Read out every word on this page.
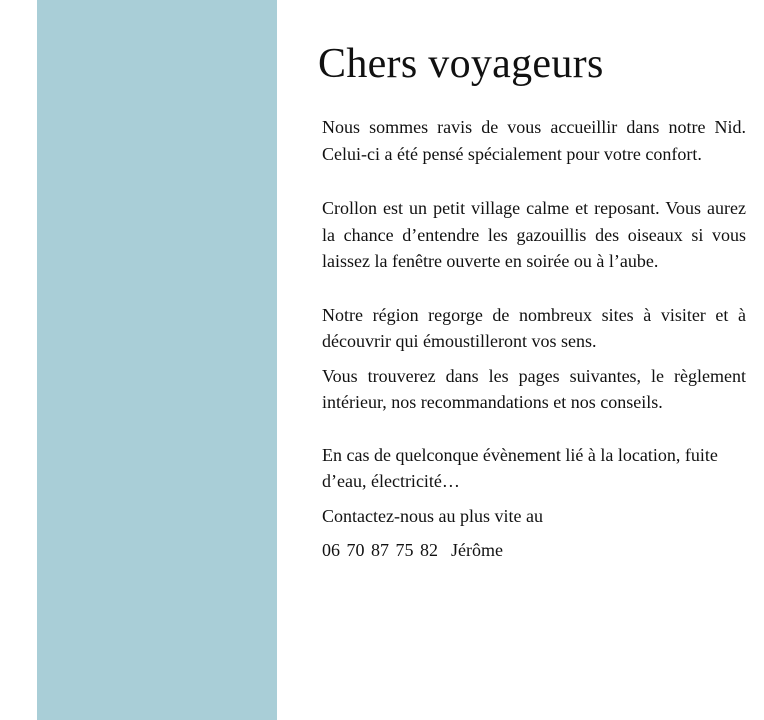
Chers voyageurs

Nous sommes ravis de vous accueillir dans notre Nid. Celui-ci a été pensé spécialement pour votre confort.

Crollon est un petit village calme et reposant. Vous aurez la chance d’entendre les gazouillis des oiseaux si vous laissez la fenêtre ouverte en soirée ou à l’aube.

Notre région regorge de nombreux sites à visiter et à découvrir qui émoustilleront vos sens.

Vous trouverez dans les pages suivantes, le règlement intérieur, nos recommandations et nos conseils.

En cas de quelconque évènement lié à la location, fuite d’eau, électricité…

Contactez-nous au plus vite au

06 70 87 75 82 Jérôme
